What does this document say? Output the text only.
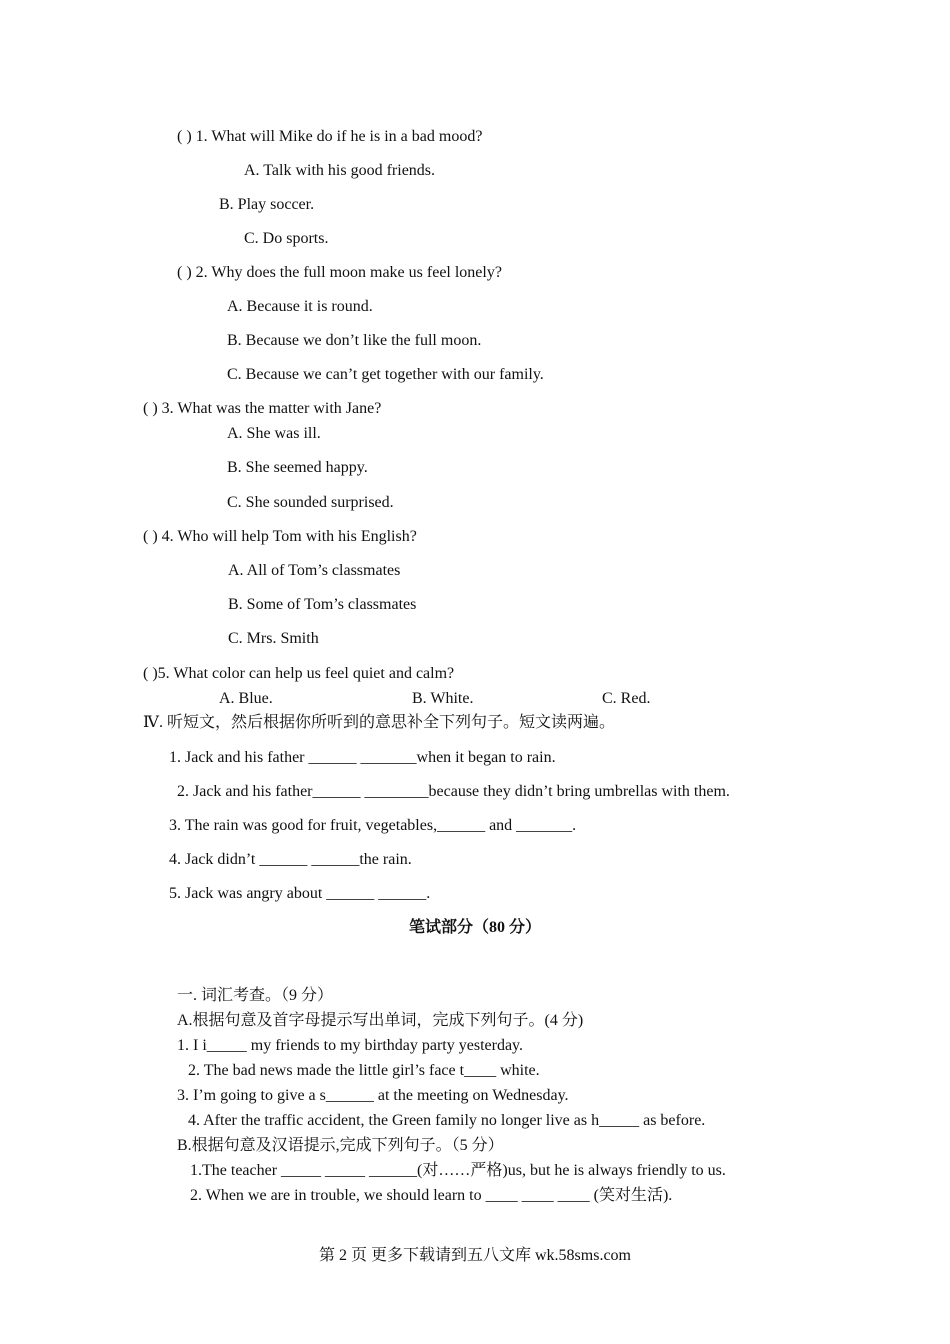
( ) 1. What will Mike do if he is in a bad mood?
A. Talk with his good friends.
B. Play soccer.
C. Do sports.
( ) 2. Why does the full moon make us feel lonely?
A. Because it is round.
B. Because we don’t like the full moon.
C. Because we can’t get together with our family.
( ) 3. What was the matter with Jane?
A. She was ill.
B. She seemed happy.
C. She sounded surprised.
( ) 4. Who will help Tom with his English?
A. All of Tom’s classmates
B. Some of Tom’s classmates
C. Mrs. Smith
( )5. What color can help us feel quiet and calm?
A. Blue.	B. White.	C. Red.
Ⅳ. 听短文，然后根据你所听到的意思补全下列句子。短文读两遍。
1. Jack and his father ______ _______when it began to rain.
2. Jack and his father______ ________because they didn’t bring umbrellas with them.
3. The rain was good for fruit, vegetables,______ and _______.
4. Jack didn’t ______ ______the rain.
5. Jack was angry about ______ ______.
笔试部分（80 分）
一. 词汇考查。（9 分）
A.根据句意及首字母提示写出单词，完成下列句子。(4 分)
1. I i_____ my friends to my birthday party yesterday.
2. The bad news made the little girl’s face t____ white.
3. I’m going to give a s______ at the meeting on Wednesday.
4. After the traffic accident, the Green family no longer live as h_____ as before.
B.根据句意及汉语提示,完成下列句子。（5 分）
1.The teacher _____ _____ ______(对……严格)us, but he is always friendly to us.
2. When we are in trouble, we should learn to ____ ____ ____ (笑对生活).
第 2 页 更多下载请到五八文库 wk.58sms.com
